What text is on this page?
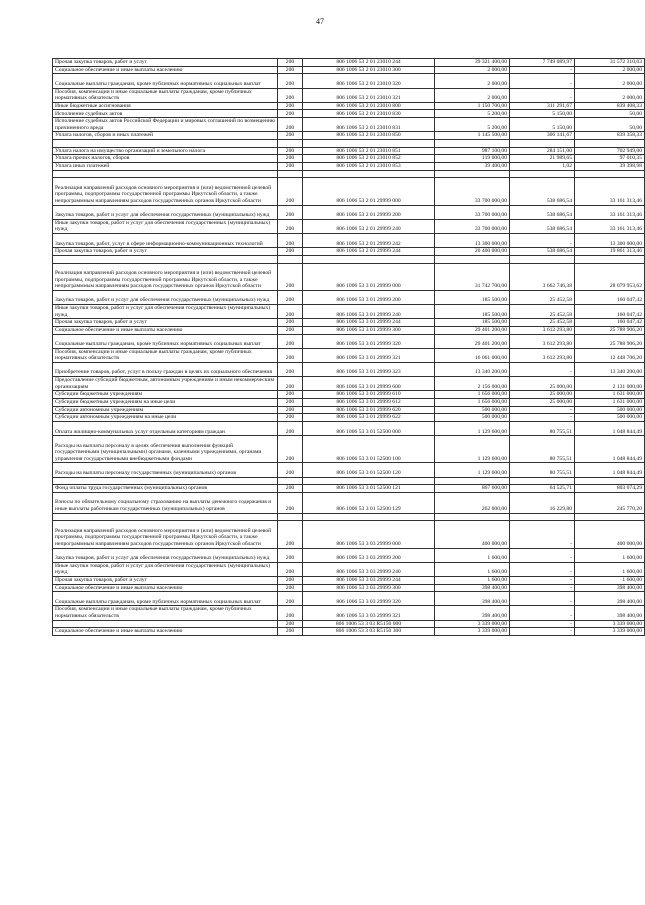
47
Прочая закупка товаров, работ и услуг	200	806 1006 53 2 01 23010 244	39 321 400,00	7 749 089,97	31 572 310,03
Социальное обеспечение и иные выплаты населению	200	806 1006 53 2 01 23010 300	2 000,00	-	2 000,00
Социальные выплаты гражданам, кроме публичных нормативных социальных выплат	200	806 1006 53 2 01 23010 320	2 000,00	-	2 000,00
Пособия, компенсации и иные социальные выплаты гражданам, кроме публичных нормативных обязательств	200	806 1006 53 2 01 23010 321	2 000,00	-	2 000,00
Иные бюджетные ассигнования	200	806 1006 53 2 01 23010 800	1 150 700,00	311 291,67	839 408,33
Исполнение судебных актов	200	806 1006 53 2 01 23010 830	5 200,00	5 150,00	50,00
Исполнение судебных актов Российской Федерации и мировых соглашений по возмещению причиненного вреда	200	806 1006 53 2 01 23010 831	5 200,00	5 150,00	50,00
Уплата налогов, сборов и иных платежей	200	806 1006 53 2 01 23010 850	1 145 500,00	306 141,67	839 358,33

Уплата налога на имущество организаций и земельного налога	200	806 1006 53 2 01 23010 851	987 100,00	284 151,00	702 949,00
Уплата прочих налогов, сборов	200	806 1006 53 2 01 23010 852	119 000,00	21 989,65	97 010,35
Уплата иных платежей	200	806 1006 53 2 01 23010 853	39 400,00	1,02	39 398,98

Реализация направлений расходов основного мероприятия и (или) ведомственной целевой программы, подпрограммы государственной программы Иркутской области, а также непрограммным направлениям расходов государственных органов Иркутской области	200	806 1006 53 2 01 29999 000	33 700 000,00	538 686,54	33 161 313,46
Закупка товаров, работ и услуг для обеспечения государственных (муниципальных) нужд	200	806 1006 53 2 01 29999 200	33 700 000,00	538 686,54	33 161 313,46
Иные закупки товаров, работ и услуг для обеспечения государственных (муниципальных) нужд	200	806 1006 53 2 01 29999 240	33 700 000,00	538 686,54	33 161 313,46
Закупка товаров, работ, услуг в сфере информационно-коммуникационных технологий	200	806 1006 53 2 01 29999 242	13 300 000,00	-	13 300 000,00
Прочая закупка товаров, работ и услуг	200	806 1006 53 2 01 29999 244	20 400 000,00	538 686,54	19 861 313,46

Реализация направлений расходов основного мероприятия и (или) ведомственной целевой программы, подпрограммы государственной программы Иркутской области, а также непрограммным направлениям расходов государственных органов Иркутской области	200	806 1006 53 3 01 29999 000	31 742 700,00	3 662 746,38	28 079 953,62
Закупка товаров, работ и услуг для обеспечения государственных (муниципальных) нужд	200	806 1006 53 3 01 29999 200	185 500,00	25 452,58	160 047,42
Иные закупки товаров, работ и услуг для обеспечения государственных (муниципальных) нужд	200	806 1006 53 3 01 29999 240	185 500,00	25 452,58	160 047,42
Прочая закупка товаров, работ и услуг	200	806 1006 53 3 01 29999 244	185 500,00	25 452,58	160 047,42
Социальное обеспечение и иные выплаты населению	200	806 1006 53 3 01 29999 300	29 401 200,00	3 612 293,80	25 788 906,20
Социальные выплаты гражданам, кроме публичных нормативных социальных выплат	200	806 1006 53 3 01 29999 320	29 401 200,00	3 612 293,80	25 788 906,20
Пособия, компенсации и иные социальные выплаты гражданам, кроме публичных нормативных обязательств	200	806 1006 53 3 01 29999 321	16 061 000,00	3 612 293,80	12 448 706,20
Приобретение товаров, работ, услуг в пользу граждан в целях их социального обеспечения	200	806 1006 53 3 01 29999 323	13 340 200,00	-	13 340 200,00
Предоставление субсидий бюджетным, автономным учреждениям и иным некоммерческим организациям	200	806 1006 53 3 01 29999 600	2 156 000,00	25 000,00	2 131 000,00
Субсидии бюджетным учреждениям	200	806 1006 53 3 01 29999 610	1 656 000,00	25 000,00	1 631 000,00
Субсидии бюджетным учреждениям на иные цели	200	806 1006 53 3 01 29999 612	1 656 000,00	25 000,00	1 631 000,00
Субсидии автономным учреждениям	200	806 1006 53 3 01 29999 620	500 000,00	-	500 000,00
Субсидии автономным учреждениям на иные цели	200	806 1006 53 3 01 29999 622	500 000,00	-	500 000,00
Оплата жилищно-коммунальных услуг отдельным категориям граждан	200	806 1006 53 3 01 52500 000	1 129 600,00	80 755,51	1 048 844,49
Расходы на выплаты персоналу в целях обеспечения выполнения функций государственными (муниципальными) органами, казенными учреждениями, органами управления государственными внебюджетными фондами	200	806 1006 53 3 01 52500 100	1 129 600,00	80 755,51	1 048 844,49
Расходы на выплаты персоналу государственных (муниципальных) органов	200	806 1006 53 3 01 52500 120	1 129 600,00	80 755,51	1 048 844,49

Фонд оплаты труда государственных (муниципальных) органов	200	806 1006 53 3 01 52500 121	867 600,00	64 525,71	803 074,29
Взносы по обязательному социальному страхованию на выплаты денежного содержания и иные выплаты работникам государственных (муниципальных) органов	200	806 1006 53 3 01 52500 129	262 000,00	16 229,80	245 770,20

Реализация направлений расходов основного мероприятия и (или) ведомственной целевой программы, подпрограммы государственной программы Иркутской области, а также непрограммным направлениям расходов государственных органов Иркутской области	200	806 1006 53 3 03 29999 000	400 000,00	-	400 000,00
Закупка товаров, работ и услуг для обеспечения государственных (муниципальных) нужд	200	806 1006 53 3 03 29999 200	1 600,00	-	1 600,00
Иные закупки товаров, работ и услуг для обеспечения государственных (муниципальных) нужд	200	806 1006 53 3 03 29999 240	1 600,00	-	1 600,00
Прочая закупка товаров, работ и услуг	200	806 1006 53 3 03 29999 244	1 600,00	-	1 600,00
Социальное обеспечение и иные выплаты населению	200	806 1006 53 3 03 29999 300	398 400,00	-	398 400,00
Социальные выплаты гражданам, кроме публичных нормативных социальных выплат	200	806 1006 53 3 03 29999 320	398 400,00	-	398 400,00
Пособия, компенсации и иные социальные выплаты гражданам, кроме публичных нормативных обязательств	200	806 1006 53 3 03 29999 321	398 400,00	-	398 400,00
	200	806 1006 53 3 03 R5150 000	3 339 000,00	-	3 339 000,00
Социальное обеспечение и иные выплаты населению	200	806 1006 53 3 03 R5150 300	3 339 000,00	-	3 339 000,00
